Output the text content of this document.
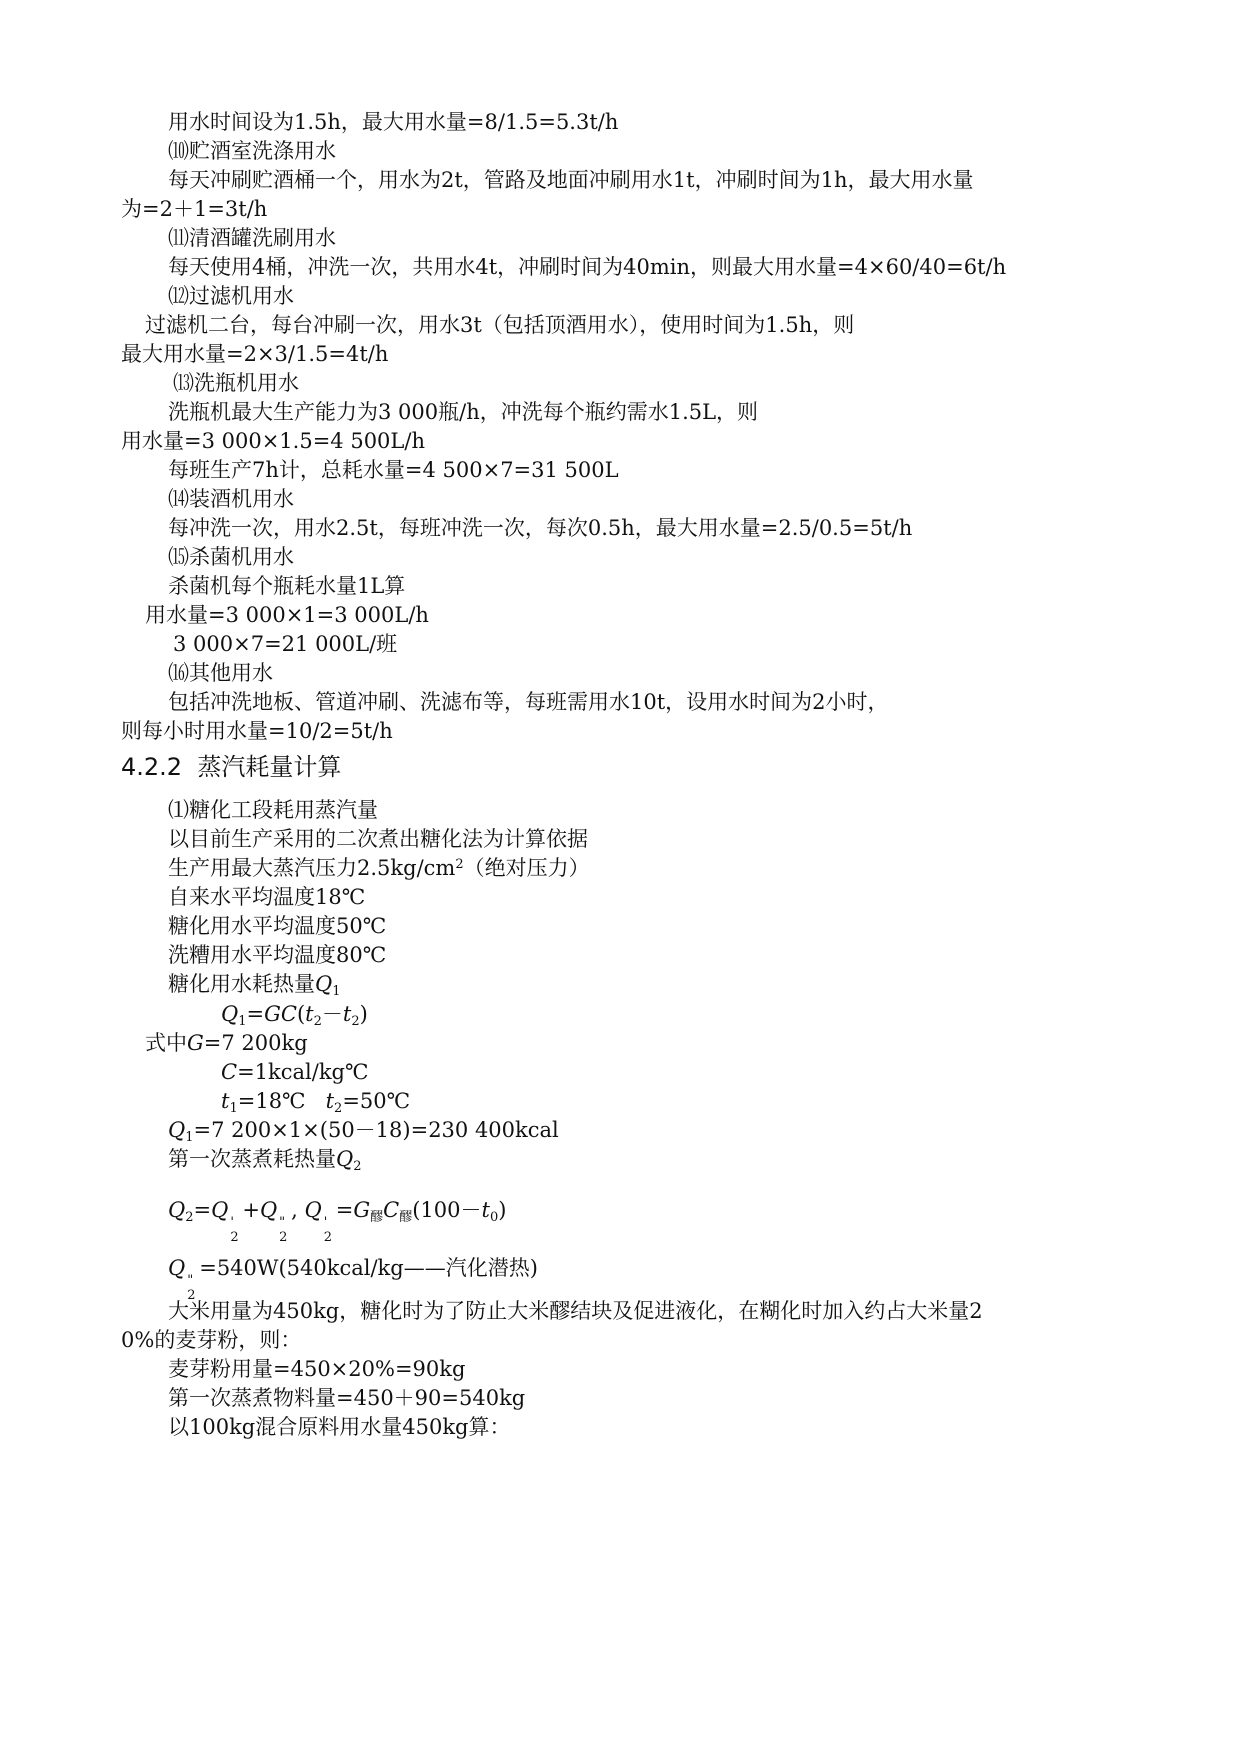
用水时间设为1.5h，最大用水量=8/1.5=5.3t/h
⑽贮酒室洗涤用水
每天冲刷贮酒桶一个，用水为2t，管路及地面冲刷用水1t，冲刷时间为1h，最大用水量
为=2＋1=3t/h
⑾清酒罐洗刷用水
每天使用4桶，冲洗一次，共用水4t，冲刷时间为40min，则最大用水量=4×60/40=6t/h
⑿过滤机用水
过滤机二台，每台冲刷一次，用水3t（包括顶酒用水），使用时间为1.5h，则
最大用水量=2×3/1.5=4t/h
⒀洗瓶机用水
洗瓶机最大生产能力为3 000瓶/h，冲洗每个瓶约需水1.5L，则
用水量=3 000×1.5=4 500L/h
每班生产7h计，总耗水量=4 500×7=31 500L
⒁装酒机用水
每冲洗一次，用水2.5t，每班冲洗一次，每次0.5h，最大用水量=2.5/0.5=5t/h
⒂杀菌机用水
杀菌机每个瓶耗水量1L算
用水量=3 000×1=3 000L/h
3 000×7=21 000L/班
⒃其他用水
包括冲洗地板、管道冲刷、洗滤布等，每班需用水10t，设用水时间为2小时，
则每小时用水量=10/2=5t/h
4.2.2  蒸汽耗量计算
⑴糖化工段耗用蒸汽量
以目前生产采用的二次煮出糖化法为计算依据
生产用最大蒸汽压力$2.5kg/cm^2$（绝对压力）
自来水平均温度18℃
糖化用水平均温度50℃
洗糟用水平均温度80℃
糖化用水耗热量$Q_1$
$Q_1=GC(t_2-t_2)$
式中G=7 200kg
C=1kcal/kg℃
$t_1=18℃$ $t_2=50℃$
$Q_1=7$ 200×1×(50－18)=230 400kcal
第一次蒸煮耗热量$Q_2$
$Q_2=Q$
'
2
+Q
"
2
, Q
'
2
$=G_醪C_醪(100-t_0)$
Q
"
2
=540W(540kcal/kg——汽化潜热)
大米用量为450kg，糖化时为了防止大米醪结块及促进液化，在糊化时加入约占大米量2
0%的麦芽粉，则：
麦芽粉用量=450×20%=90kg
第一次蒸煮物料量=450＋90=540kg
以100kg混合原料用水量450kg算：
